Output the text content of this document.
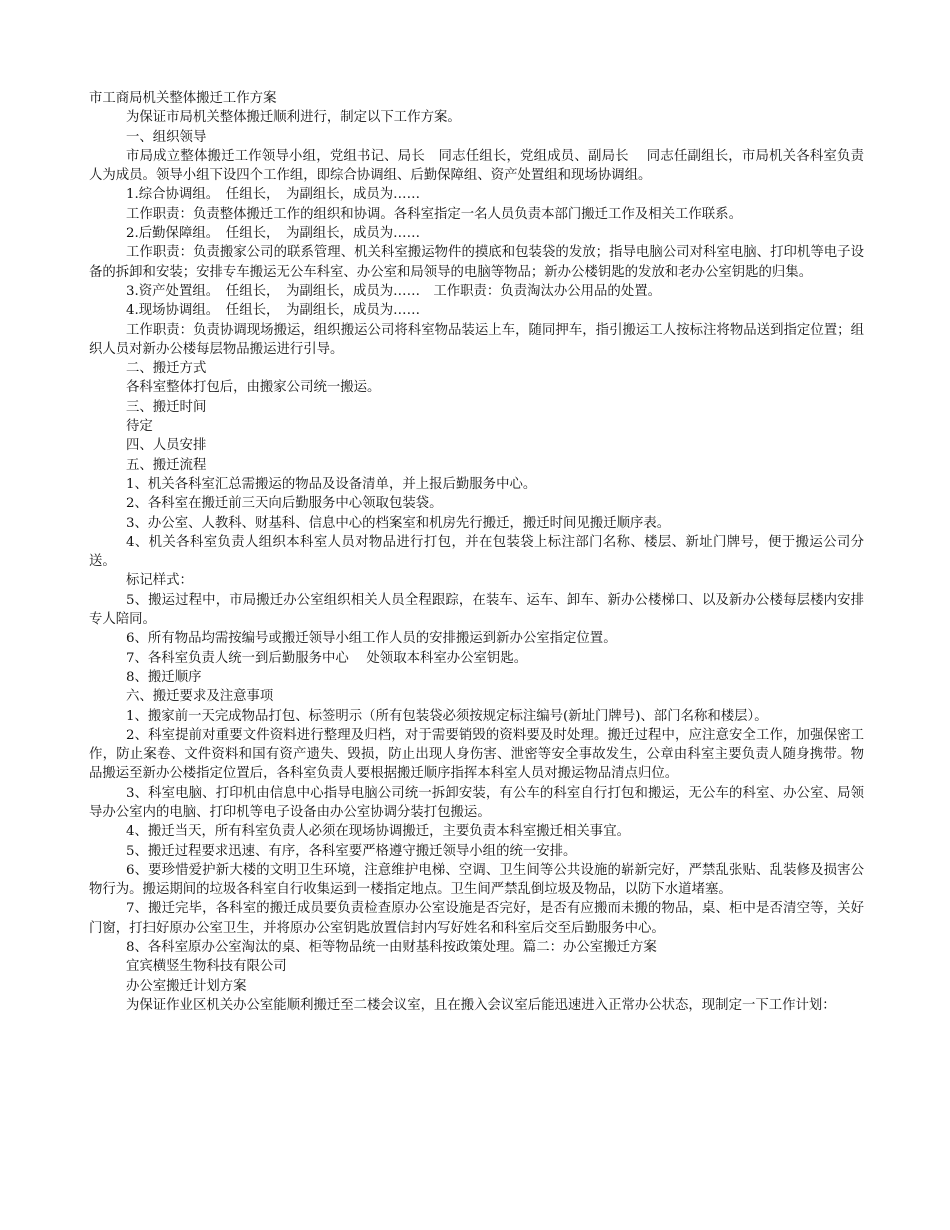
市工商局机关整体搬迁工作方案

为保证市局机关整体搬迁顺利进行，制定以下工作方案。

一、组织领导

市局成立整体搬迁工作领导小组，党组书记、局长　同志任组长，党组成员、副局长　 同志任副组长，市局机关各科室负责人为成员。领导小组下设四个工作组，即综合协调组、后勤保障组、资产处置组和现场协调组。

1.综合协调组。　任组长，　为副组长，成员为……

工作职责：负责整体搬迁工作的组织和协调。各科室指定一名人员负责本部门搬迁工作及相关工作联系。

2.后勤保障组。　任组长，　为副组长，成员为……

工作职责：负责搬家公司的联系管理、机关科室搬运物件的摸底和包装袋的发放；指导电脑公司对科室电脑、打印机等电子设备的拆卸和安装；安排专车搬运无公车科室、办公室和局领导的电脑等物品；新办公楼钥匙的发放和老办公室钥匙的归集。

3.资产处置组。　任组长，　为副组长，成员为……　工作职责：负责淘汰办公用品的处置。

4.现场协调组。　任组长，　为副组长，成员为……

工作职责：负责协调现场搬运，组织搬运公司将科室物品装运上车，随同押车，指引搬运工人按标注将物品送到指定位置；组织人员对新办公楼每层物品搬运进行引导。

二、搬迁方式

各科室整体打包后，由搬家公司统一搬运。

三、搬迁时间

待定

四、人员安排

五、搬迁流程

1、机关各科室汇总需搬运的物品及设备清单，并上报后勤服务中心。

2、各科室在搬迁前三天向后勤服务中心领取包装袋。

3、办公室、人教科、财基科、信息中心的档案室和机房先行搬迁，搬迁时间见搬迁顺序表。

4、机关各科室负责人组织本科室人员对物品进行打包，并在包装袋上标注部门名称、楼层、新址门牌号，便于搬运公司分送。

标记样式：

5、搬运过程中，市局搬迁办公室组织相关人员全程跟踪，在装车、运车、卸车、新办公楼梯口、以及新办公楼每层楼内安排专人陪同。

6、所有物品均需按编号或搬迁领导小组工作人员的安排搬运到新办公室指定位置。

7、各科室负责人统一到后勤服务中心　 处领取本科室办公室钥匙。

8、搬迁顺序

六、搬迁要求及注意事项

1、搬家前一天完成物品打包、标签明示（所有包装袋必须按规定标注编号(新址门牌号)、部门名称和楼层）。

2、科室提前对重要文件资料进行整理及归档，对于需要销毁的资料要及时处理。搬迁过程中，应注意安全工作，加强保密工作，防止案卷、文件资料和国有资产遗失、毁损，防止出现人身伤害、泄密等安全事故发生，公章由科室主要负责人随身携带。物品搬运至新办公楼指定位置后，各科室负责人要根据搬迁顺序指挥本科室人员对搬运物品清点归位。

3、科室电脑、打印机由信息中心指导电脑公司统一拆卸安装，有公车的科室自行打包和搬运，无公车的科室、办公室、局领导办公室内的电脑、打印机等电子设备由办公室协调分装打包搬运。

4、搬迁当天，所有科室负责人必须在现场协调搬迁，主要负责本科室搬迁相关事宜。

5、搬迁过程要求迅速、有序，各科室要严格遵守搬迁领导小组的统一安排。

6、要珍惜爱护新大楼的文明卫生环境，注意维护电梯、空调、卫生间等公共设施的崭新完好，严禁乱张贴、乱装修及损害公物行为。搬运期间的垃圾各科室自行收集运到一楼指定地点。卫生间严禁乱倒垃圾及物品，以防下水道堵塞。

7、搬迁完毕，各科室的搬迁成员要负责检查原办公室设施是否完好，是否有应搬而未搬的物品，桌、柜中是否清空等，关好门窗，打扫好原办公室卫生，并将原办公室钥匙放置信封内写好姓名和科室后交至后勤服务中心。

8、各科室原办公室淘汰的桌、柜等物品统一由财基科按政策处理。篇二：办公室搬迁方案

宜宾横竖生物科技有限公司

办公室搬迁计划方案

为保证作业区机关办公室能顺利搬迁至二楼会议室，且在搬入会议室后能迅速进入正常办公状态，现制定一下工作计划：
